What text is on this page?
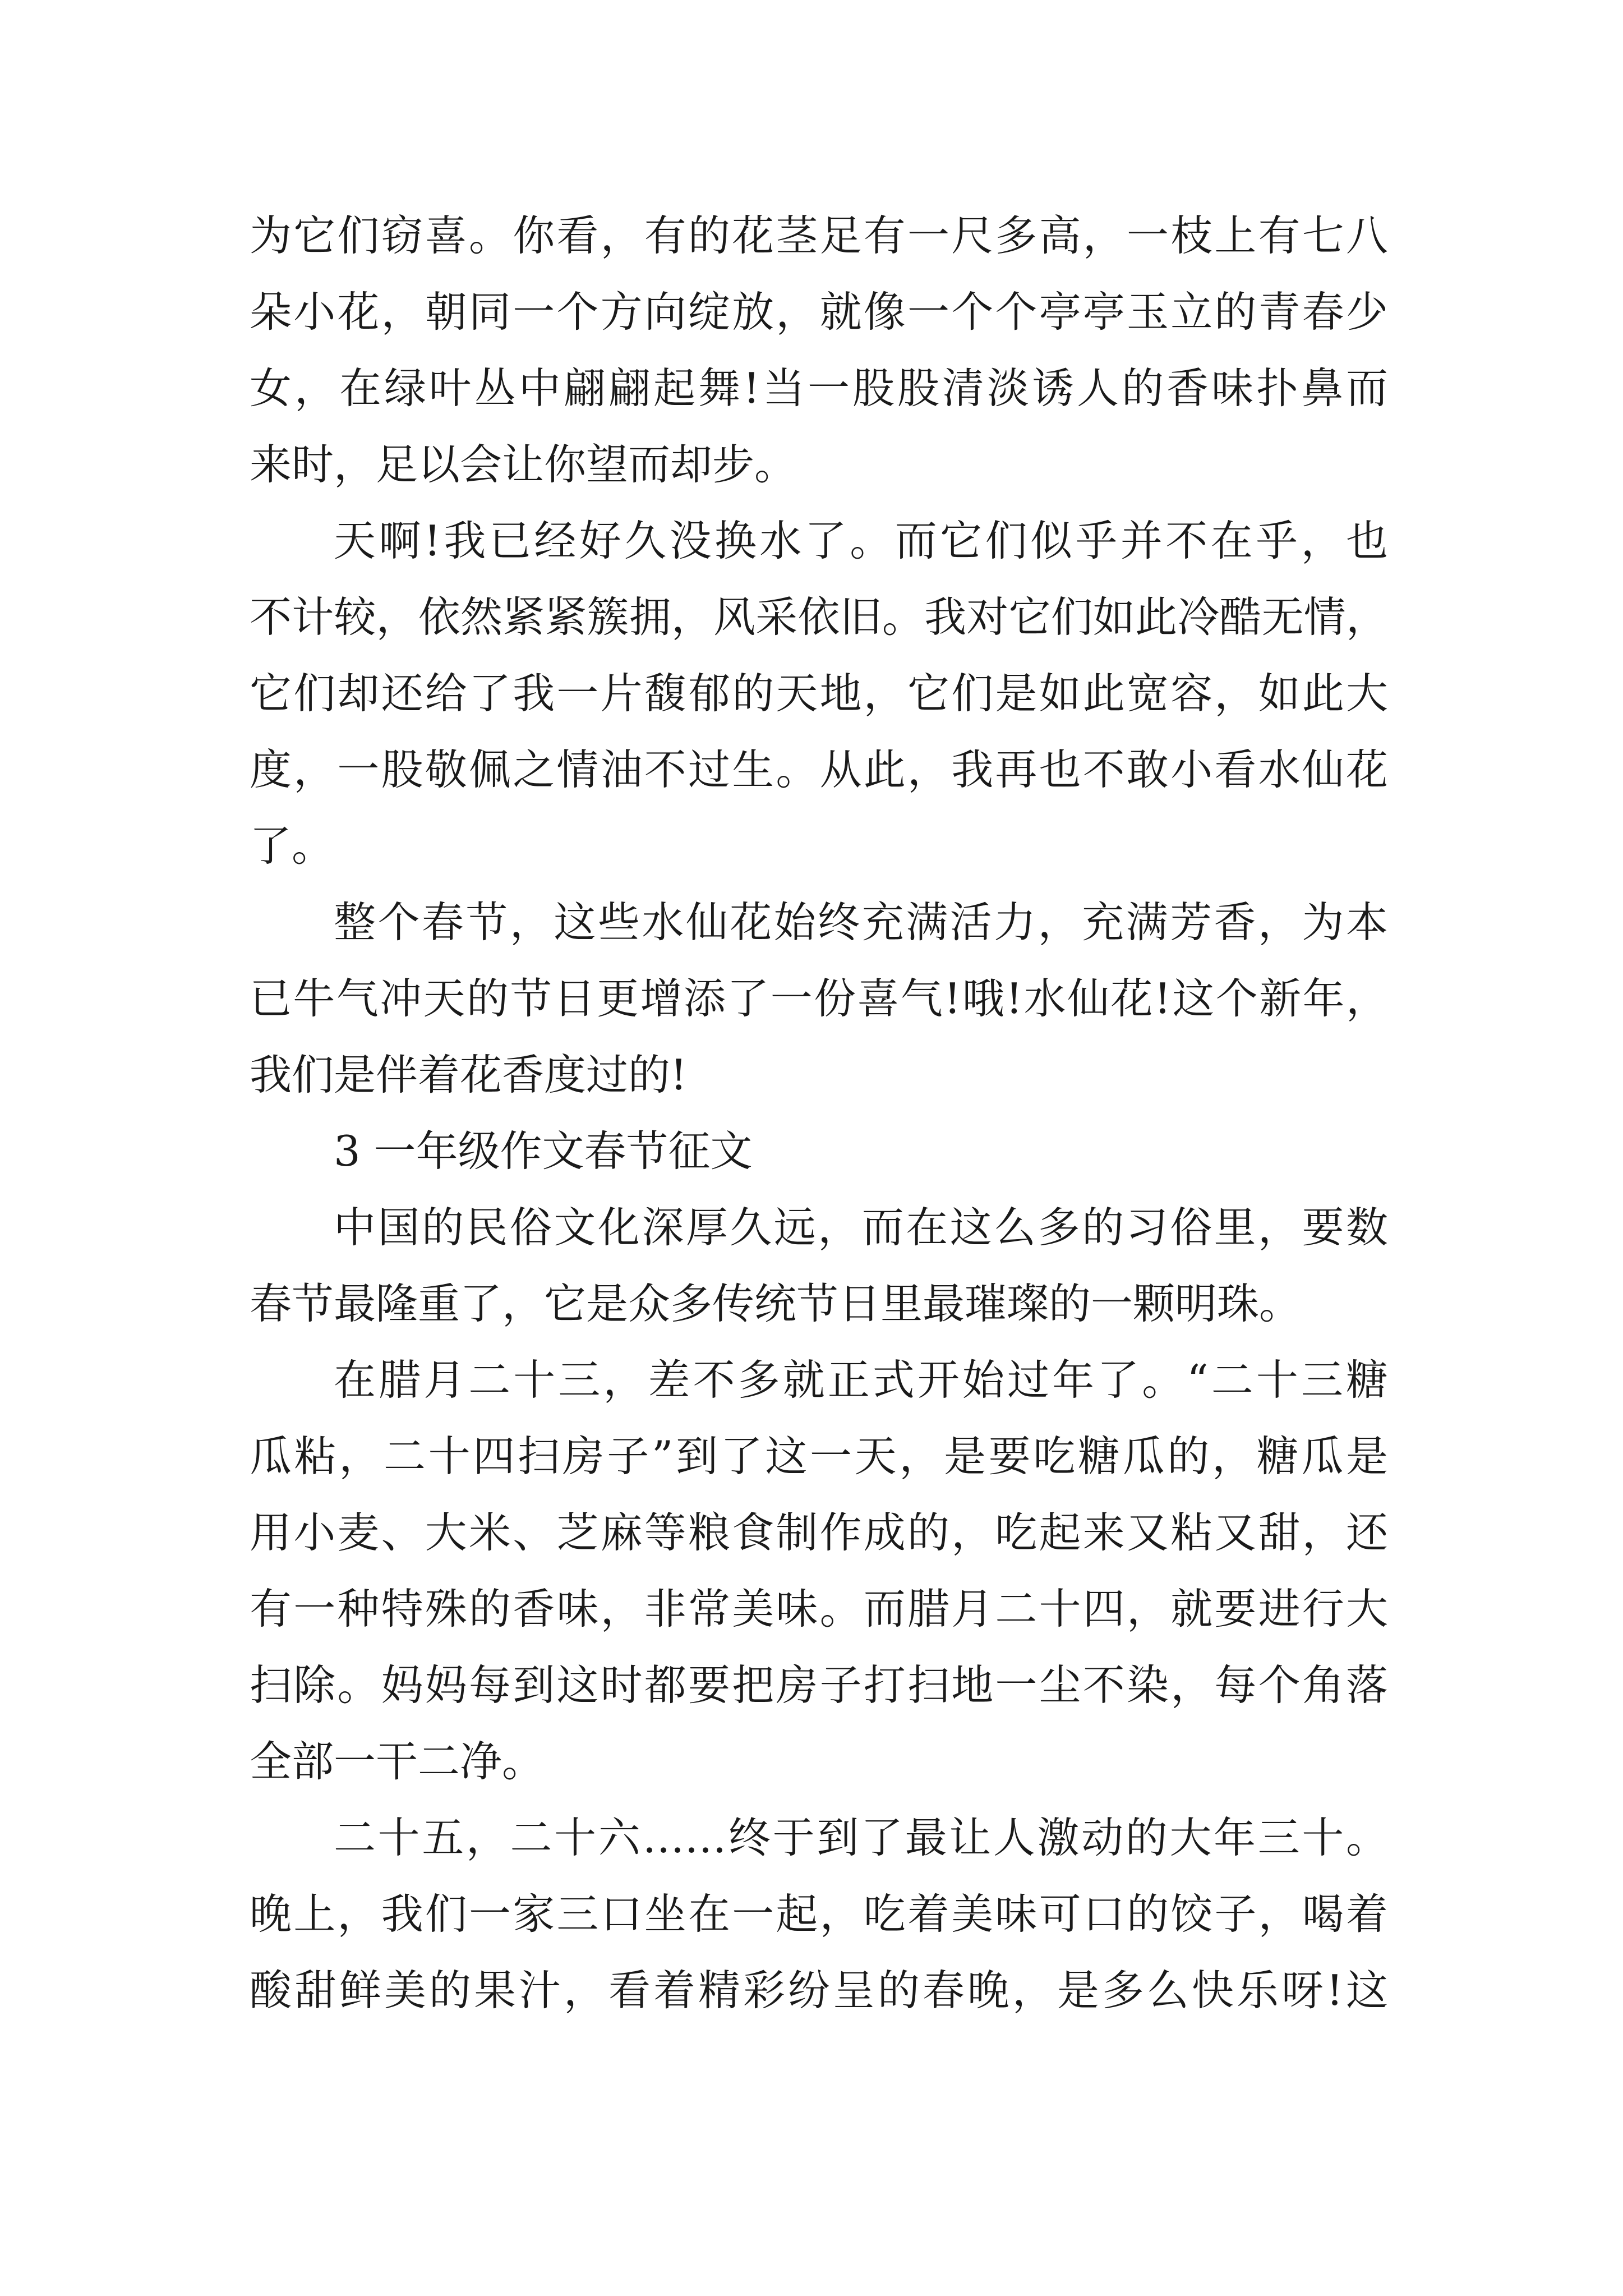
为它们窃喜。你看，有的花茎足有一尺多高，一枝上有七八
朵小花，朝同一个方向绽放，就像一个个亭亭玉立的青春少
女，在绿叶丛中翩翩起舞!当一股股清淡诱人的香味扑鼻而
来时，足以会让你望而却步。
天啊!我已经好久没换水了。而它们似乎并不在乎，也
不计较，依然紧紧簇拥，风采依旧。我对它们如此冷酷无情，
它们却还给了我一片馥郁的天地，它们是如此宽容，如此大
度，一股敬佩之情油不过生。从此，我再也不敢小看水仙花
了。
整个春节，这些水仙花始终充满活力，充满芳香，为本
已牛气冲天的节日更增添了一份喜气!哦!水仙花!这个新年，
我们是伴着花香度过的!
3 一年级作文春节征文
中国的民俗文化深厚久远，而在这么多的习俗里，要数
春节最隆重了，它是众多传统节日里最璀璨的一颗明珠。
在腊月二十三，差不多就正式开始过年了。“二十三糖
瓜粘，二十四扫房子”到了这一天，是要吃糖瓜的，糖瓜是
用小麦、大米、芝麻等粮食制作成的，吃起来又粘又甜，还
有一种特殊的香味，非常美味。而腊月二十四，就要进行大
扫除。妈妈每到这时都要把房子打扫地一尘不染，每个角落
全部一干二净。
二十五，二十六……终于到了最让人激动的大年三十。
晚上，我们一家三口坐在一起，吃着美味可口的饺子，喝着
酸甜鲜美的果汁，看着精彩纷呈的春晚，是多么快乐呀!这
